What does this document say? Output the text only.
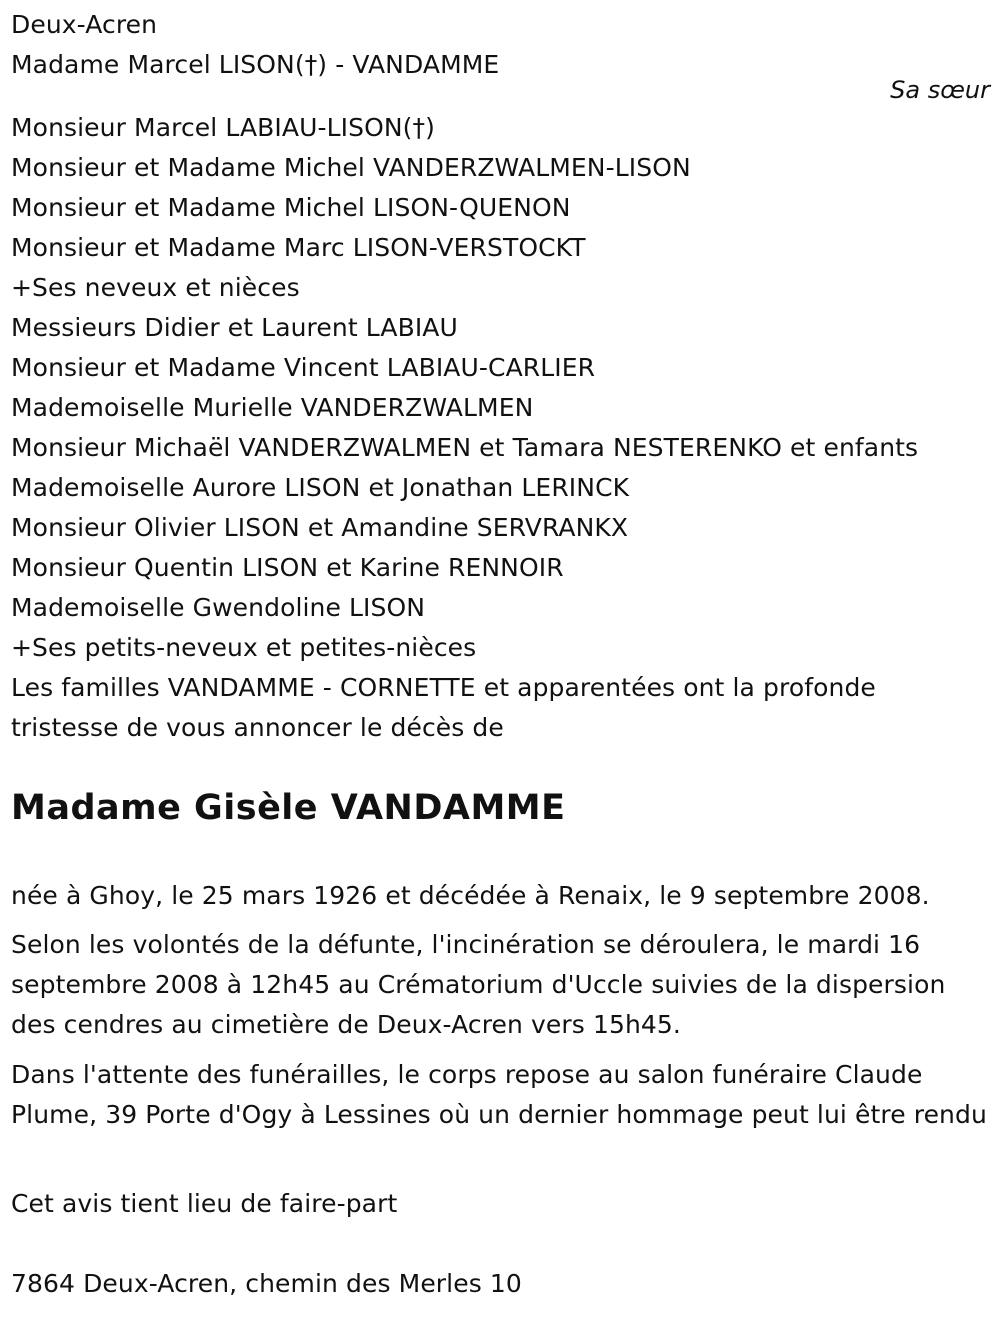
Deux-Acren
Madame Marcel LISON(†) - VANDAMME
Sa sœur
Monsieur Marcel LABIAU-LISON(†)
Monsieur et Madame Michel VANDERZWALMEN-LISON
Monsieur et Madame Michel LISON-QUENON
Monsieur et Madame Marc LISON-VERSTOCKT
+Ses neveux et nièces
Messieurs Didier et Laurent LABIAU
Monsieur et Madame Vincent LABIAU-CARLIER
Mademoiselle Murielle VANDERZWALMEN
Monsieur Michaël VANDERZWALMEN et Tamara NESTERENKO et enfants
Mademoiselle Aurore LISON et Jonathan LERINCK
Monsieur Olivier LISON et Amandine SERVRANKX
Monsieur Quentin LISON et Karine RENNOIR
Mademoiselle Gwendoline LISON
+Ses petits-neveux et petites-nièces
Les familles VANDAMME - CORNETTE et apparentées ont la profonde
tristesse de vous annoncer le décès de
Madame Gisèle VANDAMME
née à Ghoy, le 25 mars 1926 et décédée à Renaix, le 9 septembre 2008.
Selon les volontés de la défunte, l'incinération se déroulera, le mardi 16 septembre 2008 à 12h45 au Crématorium d'Uccle suivies de la dispersion des cendres au cimetière de Deux-Acren vers 15h45.
Dans l'attente des funérailles, le corps repose au salon funéraire Claude Plume, 39 Porte d'Ogy à Lessines où un dernier hommage peut lui être rendu
Cet avis tient lieu de faire-part
7864 Deux-Acren, chemin des Merles 10
